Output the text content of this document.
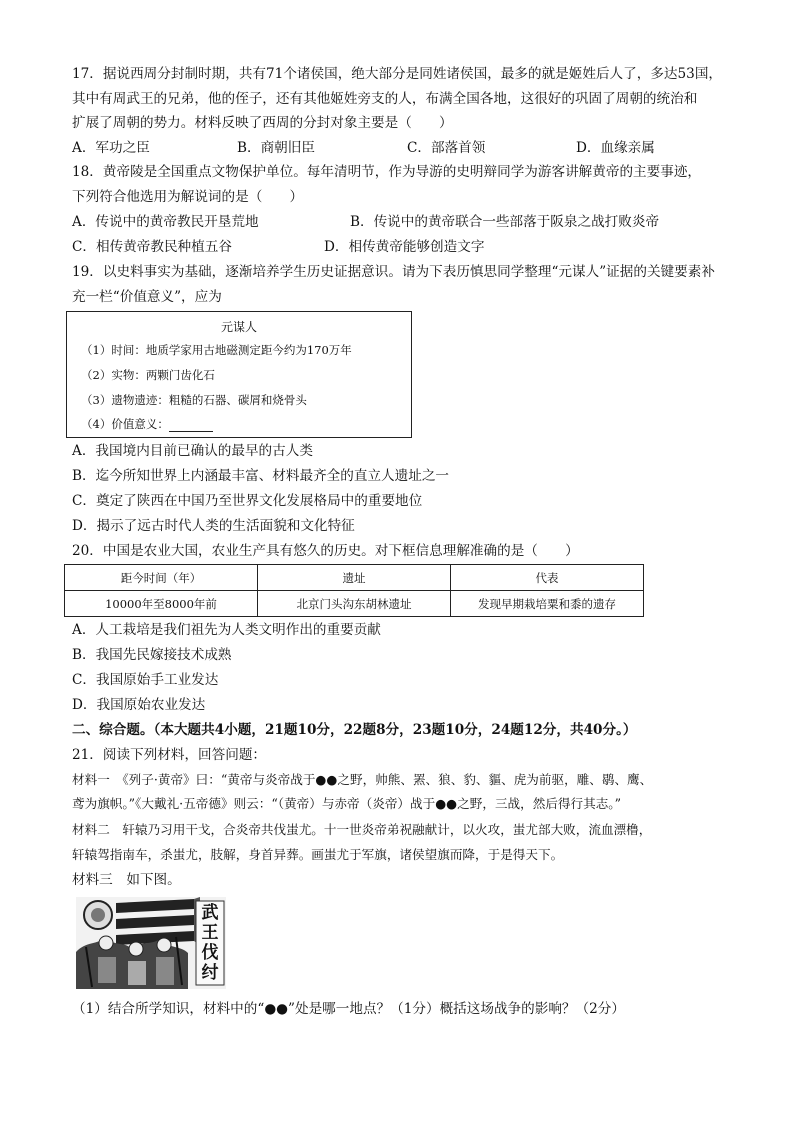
17．据说西周分封制时期，共有71个诸侯国，绝大部分是同姓诸侯国，最多的就是姬姓后人了，多达53国，
其中有周武王的兄弟，他的侄子，还有其他姬姓旁支的人，布满全国各地，这很好的巩固了周朝的统治和
扩展了周朝的势力。材料反映了西周的分封对象主要是（　　）
A．军功之臣	B．商朝旧臣	C．部落首领	D．血缘亲属
18．黄帝陵是全国重点文物保护单位。每年清明节，作为导游的史明辩同学为游客讲解黄帝的主要事迹，
下列符合他选用为解说词的是（　　）
A．传说中的黄帝教民开垦荒地	B．传说中的黄帝联合一些部落于阪泉之战打败炎帝
C．相传黄帝教民种植五谷	D．相传黄帝能够创造文字
19．以史料事实为基础，逐渐培养学生历史证据意识。请为下表历慎思同学整理“元谋人”证据的关键要素补
充一栏“价值意义”，应为
元谋人
（1）时间：地质学家用古地磁测定距今约为170万年
（2）实物：两颗门齿化石
（3）遗物遗迹：粗糙的石器、碳屑和烧骨头
（4）价值意义：
A．我国境内目前已确认的最早的古人类
B．迄今所知世界上内涵最丰富、材料最齐全的直立人遗址之一
C．奠定了陕西在中国乃至世界文化发展格局中的重要地位
D．揭示了远古时代人类的生活面貌和文化特征
20．中国是农业大国，农业生产具有悠久的历史。对下框信息理解准确的是（　　）
距今时间（年）	遗址	代表
10000年至8000年前	北京门头沟东胡林遗址	发现早期栽培粟和黍的遗存
A．人工栽培是我们祖先为人类文明作出的重要贡献
B．我国先民嫁接技术成熟
C．我国原始手工业发达
D．我国原始农业发达
二、综合题。（本大题共4小题，21题10分，22题8分，23题10分，24题12分，共40分。）
21．阅读下列材料，回答问题：
材料一　《列子·黄帝》曰：“黄帝与炎帝战于●●之野，帅熊、罴、狼、豹、貙、虎为前驱，雕、鹖、鹰、
鸢为旗帜。”《大戴礼·五帝德》则云：“（黄帝）与赤帝（炎帝）战于●●之野，三战，然后得行其志。”
材料二　轩辕乃习用干戈，合炎帝共伐蚩尤。十一世炎帝弟祝融献计，以火攻，蚩尤部大败，流血漂橹，
轩辕驾指南车，杀蚩尤，肢解，身首异葬。画蚩尤于军旗，诸侯望旗而降，于是得天下。
材料三　如下图。
武王伐纣
（1）结合所学知识，材料中的“●●”处是哪一地点？（1分）概括这场战争的影响？（2分）
